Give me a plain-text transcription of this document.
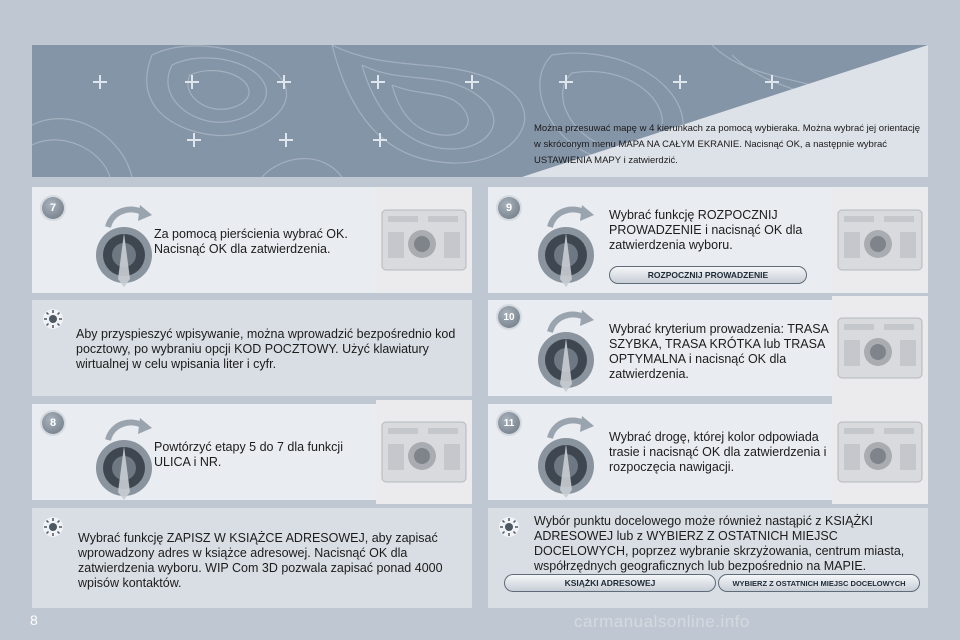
Można przesuwać mapę w 4 kierunkach za pomocą wybieraka. Można wybrać jej orientację w skróconym menu MAPA NA CAŁYM EKRANIE. Nacisnąć OK, a następnie wybrać USTAWIENIA MAPY i zatwierdzić.
7
Za pomocą pierścienia wybrać OK. Nacisnąć OK dla zatwierdzenia.
Aby przyspieszyć wpisywanie, można wprowadzić bezpośrednio kod pocztowy, po wybraniu opcji KOD POCZTOWY. Użyć klawiatury wirtualnej w celu wpisania liter i cyfr.
8
Powtórzyć etapy 5 do 7 dla funkcji ULICA i NR.
Wybrać funkcję ZAPISZ W KSIĄŻCE ADRESOWEJ, aby zapisać wprowadzony adres w książce adresowej. Nacisnąć OK dla zatwierdzenia wyboru. WIP Com 3D pozwala zapisać ponad 4000 wpisów kontaktów.
9	Wybrać funkcję ROZPOCZNIJ PROWADZENIE i nacisnąć OK dla zatwierdzenia wyboru.
ROZPOCZNIJ PROWADZENIE
10
Wybrać kryterium prowadzenia: TRASA SZYBKA, TRASA KRÓTKA lub TRASA OPTYMALNA i nacisnąć OK dla zatwierdzenia.
11
Wybrać drogę, której kolor odpowiada trasie i nacisnąć OK dla zatwierdzenia i rozpoczęcia nawigacji.
Wybór punktu docelowego może również nastąpić z KSIĄŻKI ADRESOWEJ lub z WYBIERZ Z OSTATNICH MIEJSC DOCELOWYCH, poprzez wybranie skrzyżowania, centrum miasta, współrzędnych geograficznych lub bezpośrednio na MAPIE.
KSIĄŻKI ADRESOWEJ	WYBIERZ Z OSTATNICH MIEJSC DOCELOWYCH
8	carmanualsonline.info
